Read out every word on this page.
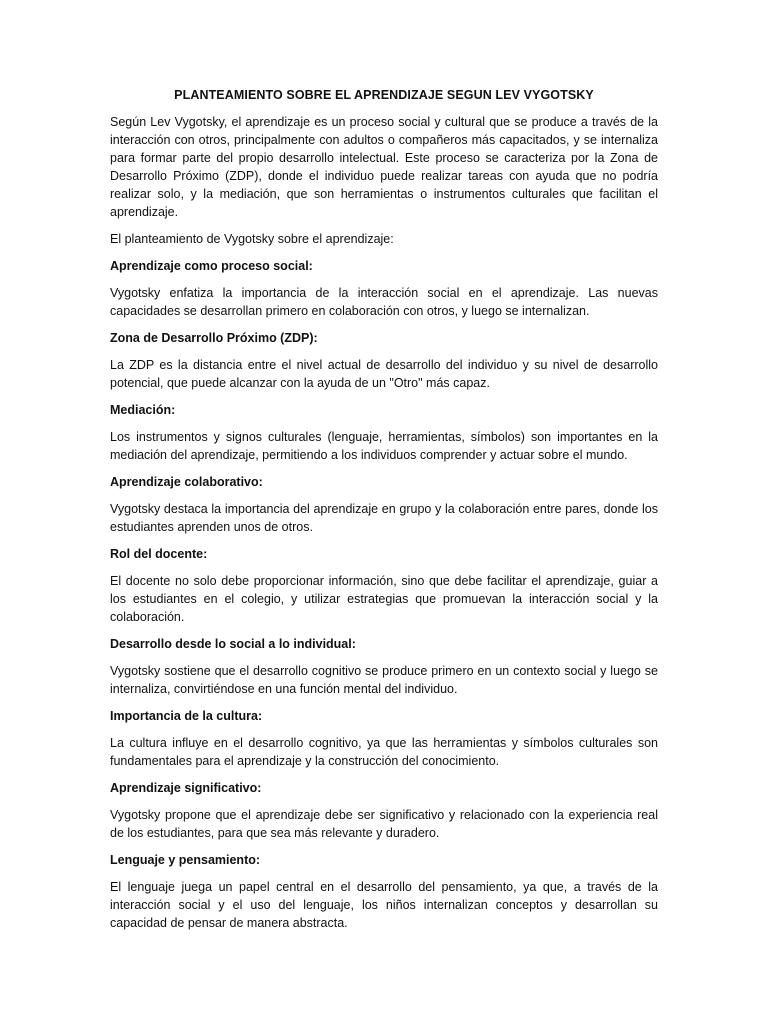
PLANTEAMIENTO SOBRE EL APRENDIZAJE SEGUN LEV VYGOTSKY

Según Lev Vygotsky, el aprendizaje es un proceso social y cultural que se produce a través de la interacción con otros, principalmente con adultos o compañeros más capacitados, y se internaliza para formar parte del propio desarrollo intelectual. Este proceso se caracteriza por la Zona de Desarrollo Próximo (ZDP), donde el individuo puede realizar tareas con ayuda que no podría realizar solo, y la mediación, que son herramientas o instrumentos culturales que facilitan el aprendizaje.

El planteamiento de Vygotsky sobre el aprendizaje:

Aprendizaje como proceso social:

Vygotsky enfatiza la importancia de la interacción social en el aprendizaje. Las nuevas capacidades se desarrollan primero en colaboración con otros, y luego se internalizan.

Zona de Desarrollo Próximo (ZDP):

La ZDP es la distancia entre el nivel actual de desarrollo del individuo y su nivel de desarrollo potencial, que puede alcanzar con la ayuda de un "Otro" más capaz.

Mediación:

Los instrumentos y signos culturales (lenguaje, herramientas, símbolos) son importantes en la mediación del aprendizaje, permitiendo a los individuos comprender y actuar sobre el mundo.

Aprendizaje colaborativo:

Vygotsky destaca la importancia del aprendizaje en grupo y la colaboración entre pares, donde los estudiantes aprenden unos de otros.

Rol del docente:

El docente no solo debe proporcionar información, sino que debe facilitar el aprendizaje, guiar a los estudiantes en el colegio, y utilizar estrategias que promuevan la interacción social y la colaboración.

Desarrollo desde lo social a lo individual:

Vygotsky sostiene que el desarrollo cognitivo se produce primero en un contexto social y luego se internaliza, convirtiéndose en una función mental del individuo.

Importancia de la cultura:

La cultura influye en el desarrollo cognitivo, ya que las herramientas y símbolos culturales son fundamentales para el aprendizaje y la construcción del conocimiento.

Aprendizaje significativo:

Vygotsky propone que el aprendizaje debe ser significativo y relacionado con la experiencia real de los estudiantes, para que sea más relevante y duradero.

Lenguaje y pensamiento:

El lenguaje juega un papel central en el desarrollo del pensamiento, ya que, a través de la interacción social y el uso del lenguaje, los niños internalizan conceptos y desarrollan su capacidad de pensar de manera abstracta.
